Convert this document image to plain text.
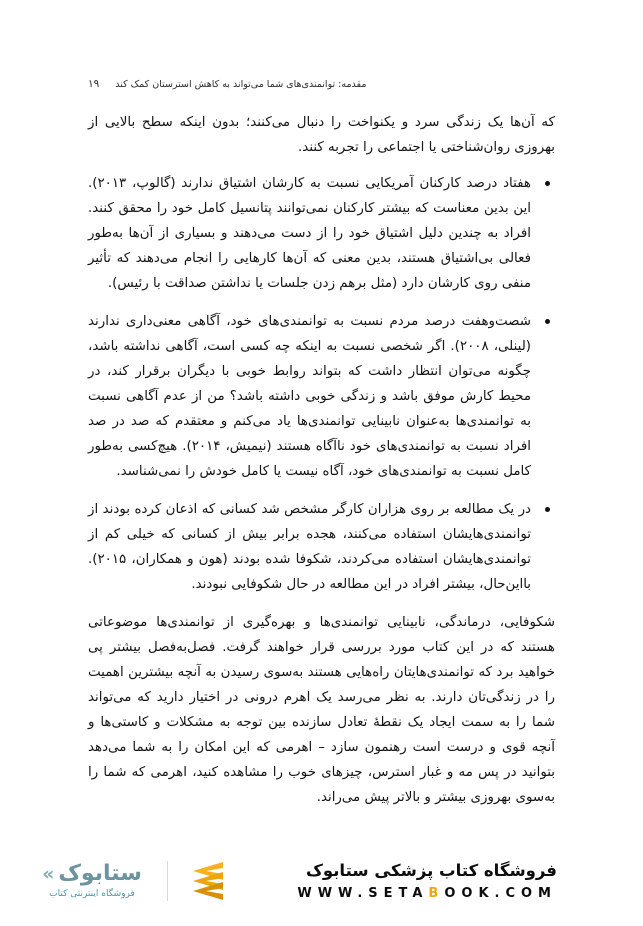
۱۹ مقدمه: توانمندی‌های شما می‌تواند به کاهش استرستان کمک کند

که آن‌ها یک زندگی سرد و یکنواخت را دنبال می‌کنند؛ بدون اینکه سطح بالایی از بهروزی روان‌شناختی یا اجتماعی را تجربه کنند.

هفتاد درصد کارکنان آمریکایی نسبت به کارشان اشتیاق ندارند (گالوپ، ۲۰۱۳). این بدین معناست که بیشتر کارکنان نمی‌توانند پتانسیل کامل خود را محقق کنند. افراد به چندین دلیل اشتیاق خود را از دست می‌دهند و بسیاری از آن‌ها به‌طور فعالی بی‌اشتیاق هستند، بدین معنی که آن‌ها کارهایی را انجام می‌دهند که تأثیر منفی روی کارشان دارد (مثل برهم زدن جلسات یا نداشتن صداقت با رئیس).
شصت‌وهفت درصد مردم نسبت به توانمندی‌های خود، آگاهی معنی‌داری ندارند (لینلی، ۲۰۰۸). اگر شخصی نسبت به اینکه چه کسی است، آگاهی نداشته باشد، چگونه می‌توان انتظار داشت که بتواند روابط خوبی با دیگران برقرار کند، در محیط کارش موفق باشد و زندگی خوبی داشته باشد؟ من از عدم آگاهی نسبت به توانمندی‌ها به‌عنوان نابینایی توانمندی‌ها یاد می‌کنم و معتقدم که صد در صد افراد نسبت به توانمندی‌های خود ناآگاه هستند (نیمیش، ۲۰۱۴). هیچ‌کسی به‌طور کامل نسبت به توانمندی‌های خود، آگاه نیست یا کامل خودش را نمی‌شناسد.
در یک مطالعه بر روی هزاران کارگر مشخص شد کسانی که اذعان کرده بودند از توانمندی‌هایشان استفاده می‌کنند، هجده برابر بیش از کسانی که خیلی کم از توانمندی‌هایشان استفاده می‌کردند، شکوفا شده بودند (هون و همکاران، ۲۰۱۵). بااین‌حال، بیشتر افراد در این مطالعه در حال شکوفایی نبودند.

شکوفایی، درماندگی، نابینایی توانمندی‌ها و بهره‌گیری از توانمندی‌ها موضوعاتی هستند که در این کتاب مورد بررسی قرار خواهند گرفت. فصل‌به‌فصل بیشتر پی خواهید برد که توانمندی‌هایتان راه‌هایی هستند به‌سوی رسیدن به آنچه بیشترین اهمیت را در زندگی‌تان دارند. به نظر می‌رسد یک اهرم درونی در اختیار دارید که می‌تواند شما را به سمت ایجاد یک نقطهٔ تعادل سازنده بین توجه به مشکلات و کاستی‌ها و آنچه قوی و درست است رهنمون سازد – اهرمی که این امکان را به شما می‌دهد بتوانید در پس مه و غبار استرس، چیزهای خوب را مشاهده کنید، اهرمی که شما را به‌سوی بهروزی بیشتر و بالاتر پیش می‌راند.

« ستابوک
فروشگاه اینترنتی کتاب
فروشگاه کتاب پزشکی ستابوک
WWW.SETABOOK.COM
